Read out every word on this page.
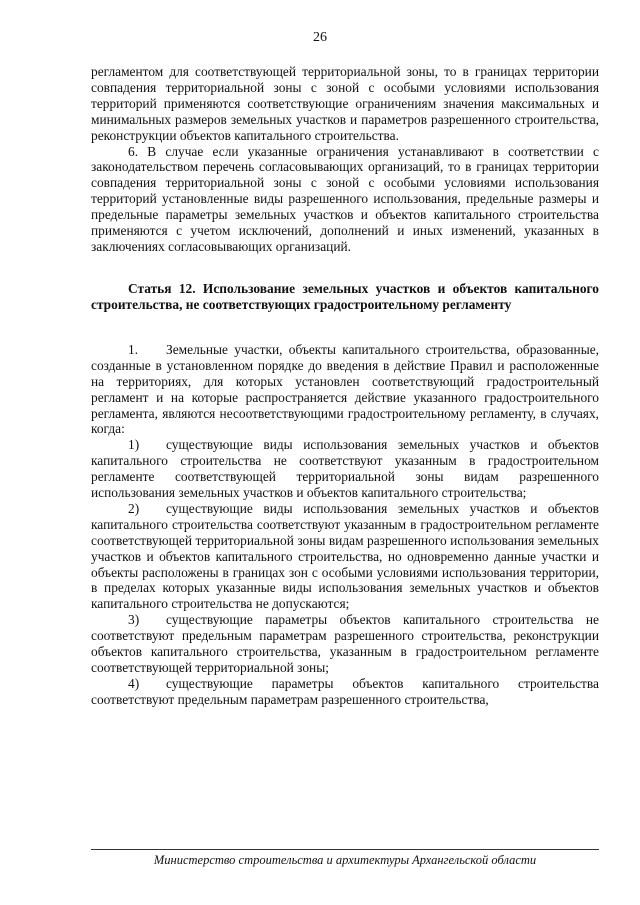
26

регламентом для соответствующей территориальной зоны, то в границах территории совпадения территориальной зоны с зоной с особыми условиями использования территорий применяются соответствующие ограничениям значения максимальных и минимальных размеров земельных участков и параметров разрешенного строительства, реконструкции объектов капитального строительства.

6. В случае если указанные ограничения устанавливают в соответствии с законодательством перечень согласовывающих организаций, то в границах территории совпадения территориальной зоны с зоной с особыми условиями использования территорий установленные виды разрешенного использования, предельные размеры и предельные параметры земельных участков и объектов капитального строительства применяются с учетом исключений, дополнений и иных изменений, указанных в заключениях согласовывающих организаций.

Статья 12. Использование земельных участков и объектов капитального строительства, не соответствующих градостроительному регламенту

1. Земельные участки, объекты капитального строительства, образованные, созданные в установленном порядке до введения в действие Правил и расположенные на территориях, для которых установлен соответствующий градостроительный регламент и на которые распространяется действие указанного градостроительного регламента, являются несоответствующими градостроительному регламенту, в случаях, когда:

1) существующие виды использования земельных участков и объектов капитального строительства не соответствуют указанным в градостроительном регламенте соответствующей территориальной зоны видам разрешенного использования земельных участков и объектов капитального строительства;

2) существующие виды использования земельных участков и объектов капитального строительства соответствуют указанным в градостроительном регламенте соответствующей территориальной зоны видам разрешенного использования земельных участков и объектов капитального строительства, но одновременно данные участки и объекты расположены в границах зон с особыми условиями использования территории, в пределах которых указанные виды использования земельных участков и объектов капитального строительства не допускаются;

3) существующие параметры объектов капитального строительства не соответствуют предельным параметрам разрешенного строительства, реконструкции объектов капитального строительства, указанным в градостроительном регламенте соответствующей территориальной зоны;

4) существующие параметры объектов капитального строительства соответствуют предельным параметрам разрешенного строительства,

Министерство строительства и архитектуры Архангельской области
